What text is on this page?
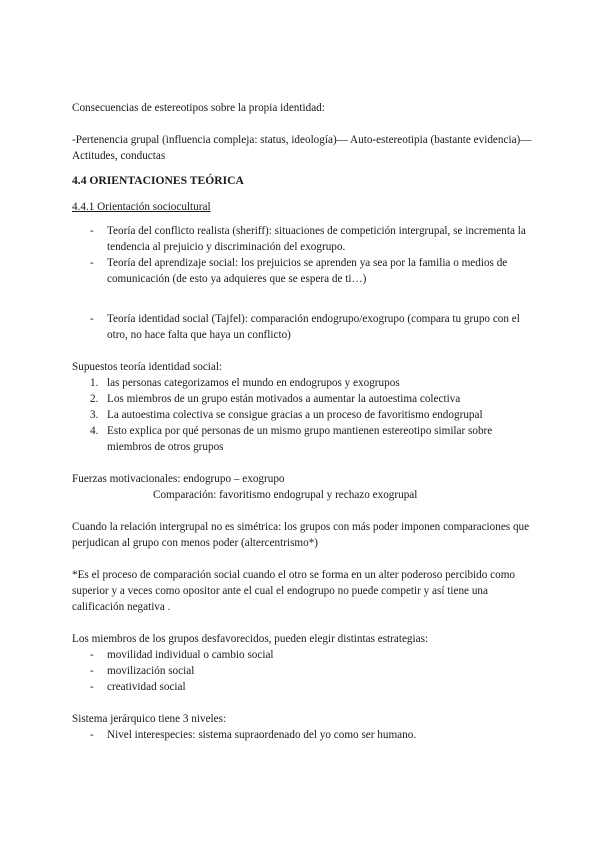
Consecuencias de estereotipos sobre la propia identidad:

-Pertenencia grupal (influencia compleja: status, ideología)— Auto-estereotipia (bastante evidencia)— Actitudes, conductas

4.4 ORIENTACIONES TEÓRICA

4.4.1 Orientación sociocultural

- Teoría del conflicto realista (sheriff): situaciones de competición intergrupal, se incrementa la tendencia al prejuicio y discriminación del exogrupo.
- Teoría del aprendizaje social: los prejuicios se aprenden ya sea por la familia o medios de comunicación (de esto ya adquieres que se espera de ti…)
- Teoría identidad social (Tajfel): comparación endogrupo/exogrupo (compara tu grupo con el otro, no hace falta que haya un conflicto)

Supuestos teoría identidad social:

1. las personas categorizamos el mundo en endogrupos y exogrupos
2. Los miembros de un grupo están motivados a aumentar la autoestima colectiva
3. La autoestima colectiva se consigue gracias a un proceso de favoritismo endogrupal
4. Esto explica por qué personas de un mismo grupo mantienen estereotipo similar sobre miembros de otros grupos

Fuerzas motivacionales: endogrupo – exogrupo

Comparación: favoritismo endogrupal y rechazo exogrupal

Cuando la relación intergrupal no es simétrica: los grupos con más poder imponen comparaciones que perjudican al grupo con menos poder (altercentrismo*)

*Es el proceso de comparación social cuando el otro se forma en un alter poderoso percibido como superior y a veces como opositor ante el cual el endogrupo no puede competir y así tiene una calificación negativa .

Los miembros de los grupos desfavorecidos, pueden elegir distintas estrategias:

- movilidad individual o cambio social
- movilización social
- creatividad social

Sistema jerárquico tiene 3 niveles:

- Nivel interespecies: sistema supraordenado del yo como ser humano.
